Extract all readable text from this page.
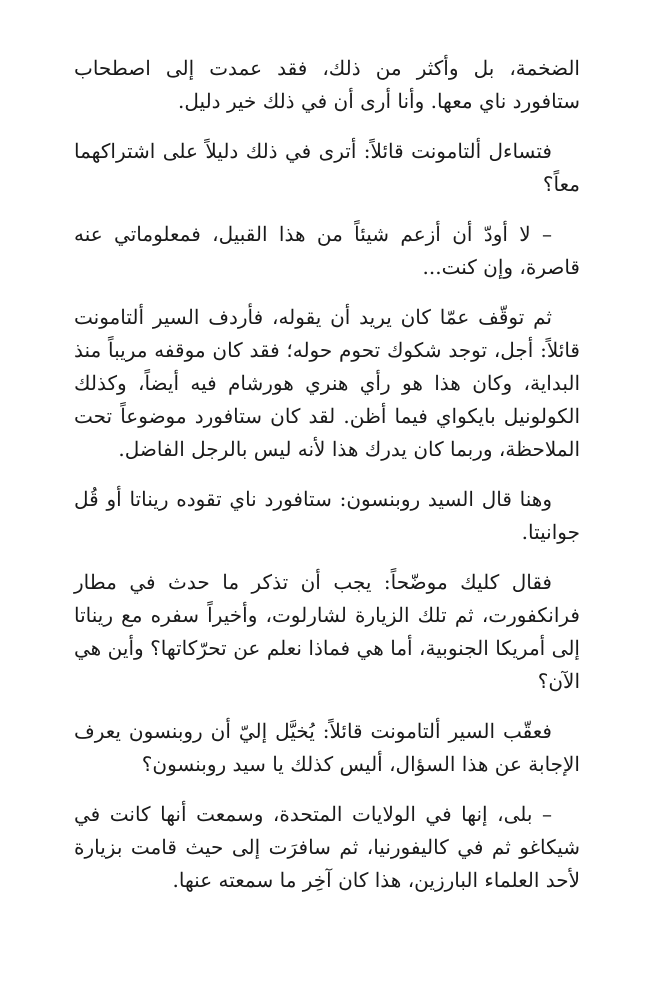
الضخمة، بل وأكثر من ذلك، فقد عمدت إلى اصطحاب ستافورد ناي معها. وأنا أرى أن في ذلك خير دليل.

فتساءل ألتامونت قائلاً: أترى في ذلك دليلاً على اشتراكهما معاً؟

– لا أودّ أن أزعم شيئاً من هذا القبيل، فمعلوماتي عنه قاصرة، وإن كنت...

ثم توقّف عمّا كان يريد أن يقوله، فأردف السير ألتامونت قائلاً: أجل، توجد شكوك تحوم حوله؛ فقد كان موقفه مريباً منذ البداية، وكان هذا هو رأي هنري هورشام فيه أيضاً، وكذلك الكولونيل بايكواي فيما أظن. لقد كان ستافورد موضوعاً تحت الملاحظة، وربما كان يدرك هذا لأنه ليس بالرجل الفاضل.

وهنا قال السيد روبنسون: ستافورد ناي تقوده ريناتا أو قُل جوانيتا.

فقال كليك موضّحاً: يجب أن تذكر ما حدث في مطار فرانكفورت، ثم تلك الزيارة لشارلوت، وأخيراً سفره مع ريناتا إلى أمريكا الجنوبية، أما هي فماذا نعلم عن تحرّكاتها؟ وأين هي الآن؟

فعقّب السير ألتامونت قائلاً: يُخيَّل إليّ أن روبنسون يعرف الإجابة عن هذا السؤال، أليس كذلك يا سيد روبنسون؟

– بلى، إنها في الولايات المتحدة، وسمعت أنها كانت في شيكاغو ثم في كاليفورنيا، ثم سافرَت إلى حيث قامت بزيارة لأحد العلماء البارزين، هذا كان آخِر ما سمعته عنها.
